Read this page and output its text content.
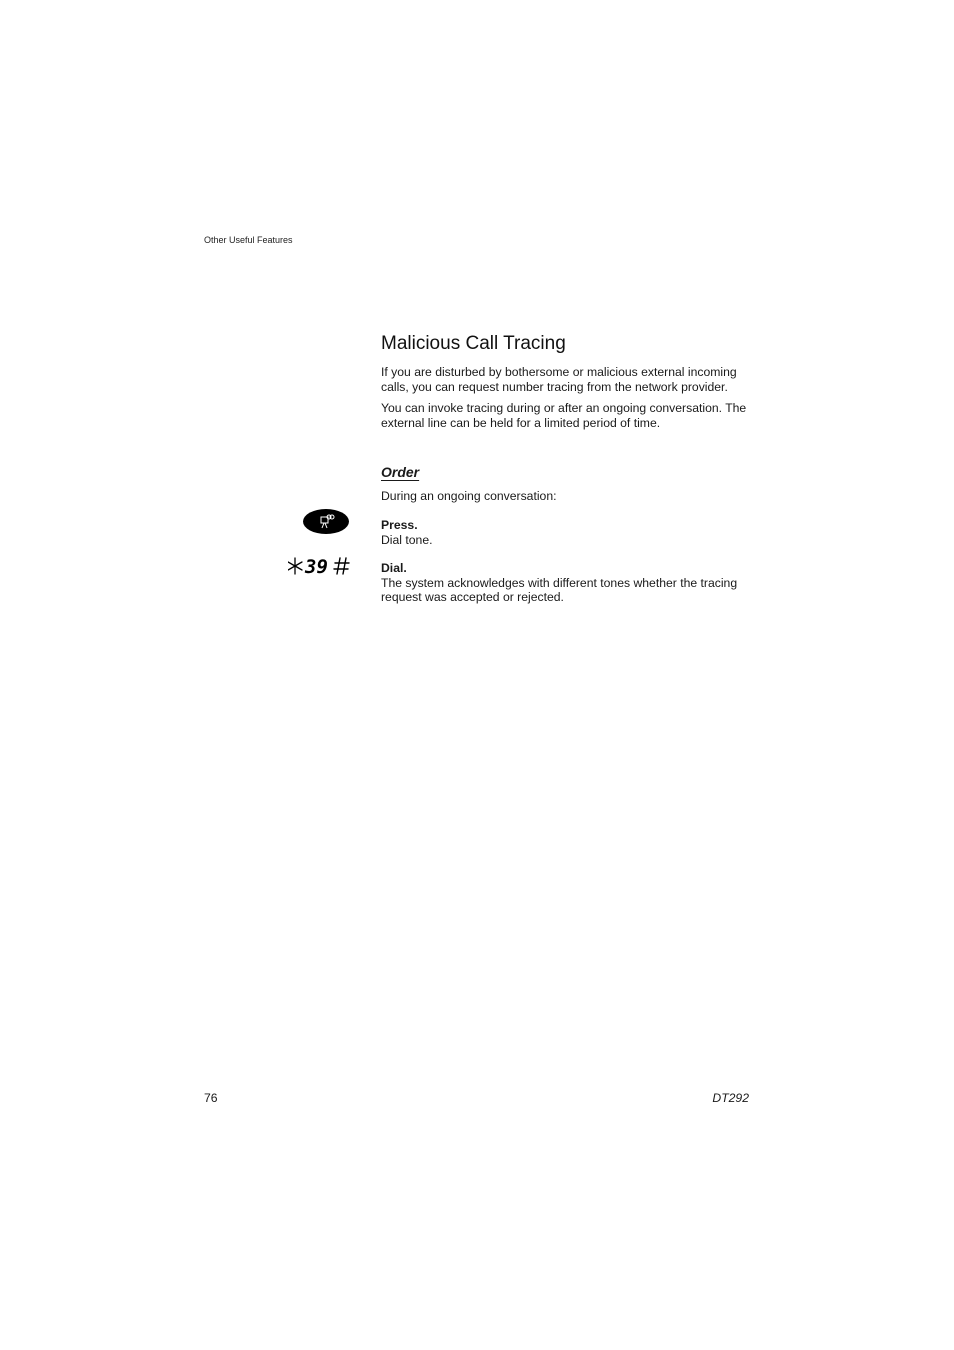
Other Useful Features
Malicious Call Tracing

If you are disturbed by bothersome or malicious external incoming calls, you can request number tracing from the network provider.

You can invoke tracing during or after an ongoing conversation. The external line can be held for a limited period of time.

Order
During an ongoing conversation:
Press.
Dial tone.
39	Dial.
The system acknowledges with different tones whether the tracing request was accepted or rejected.
76	DT292
